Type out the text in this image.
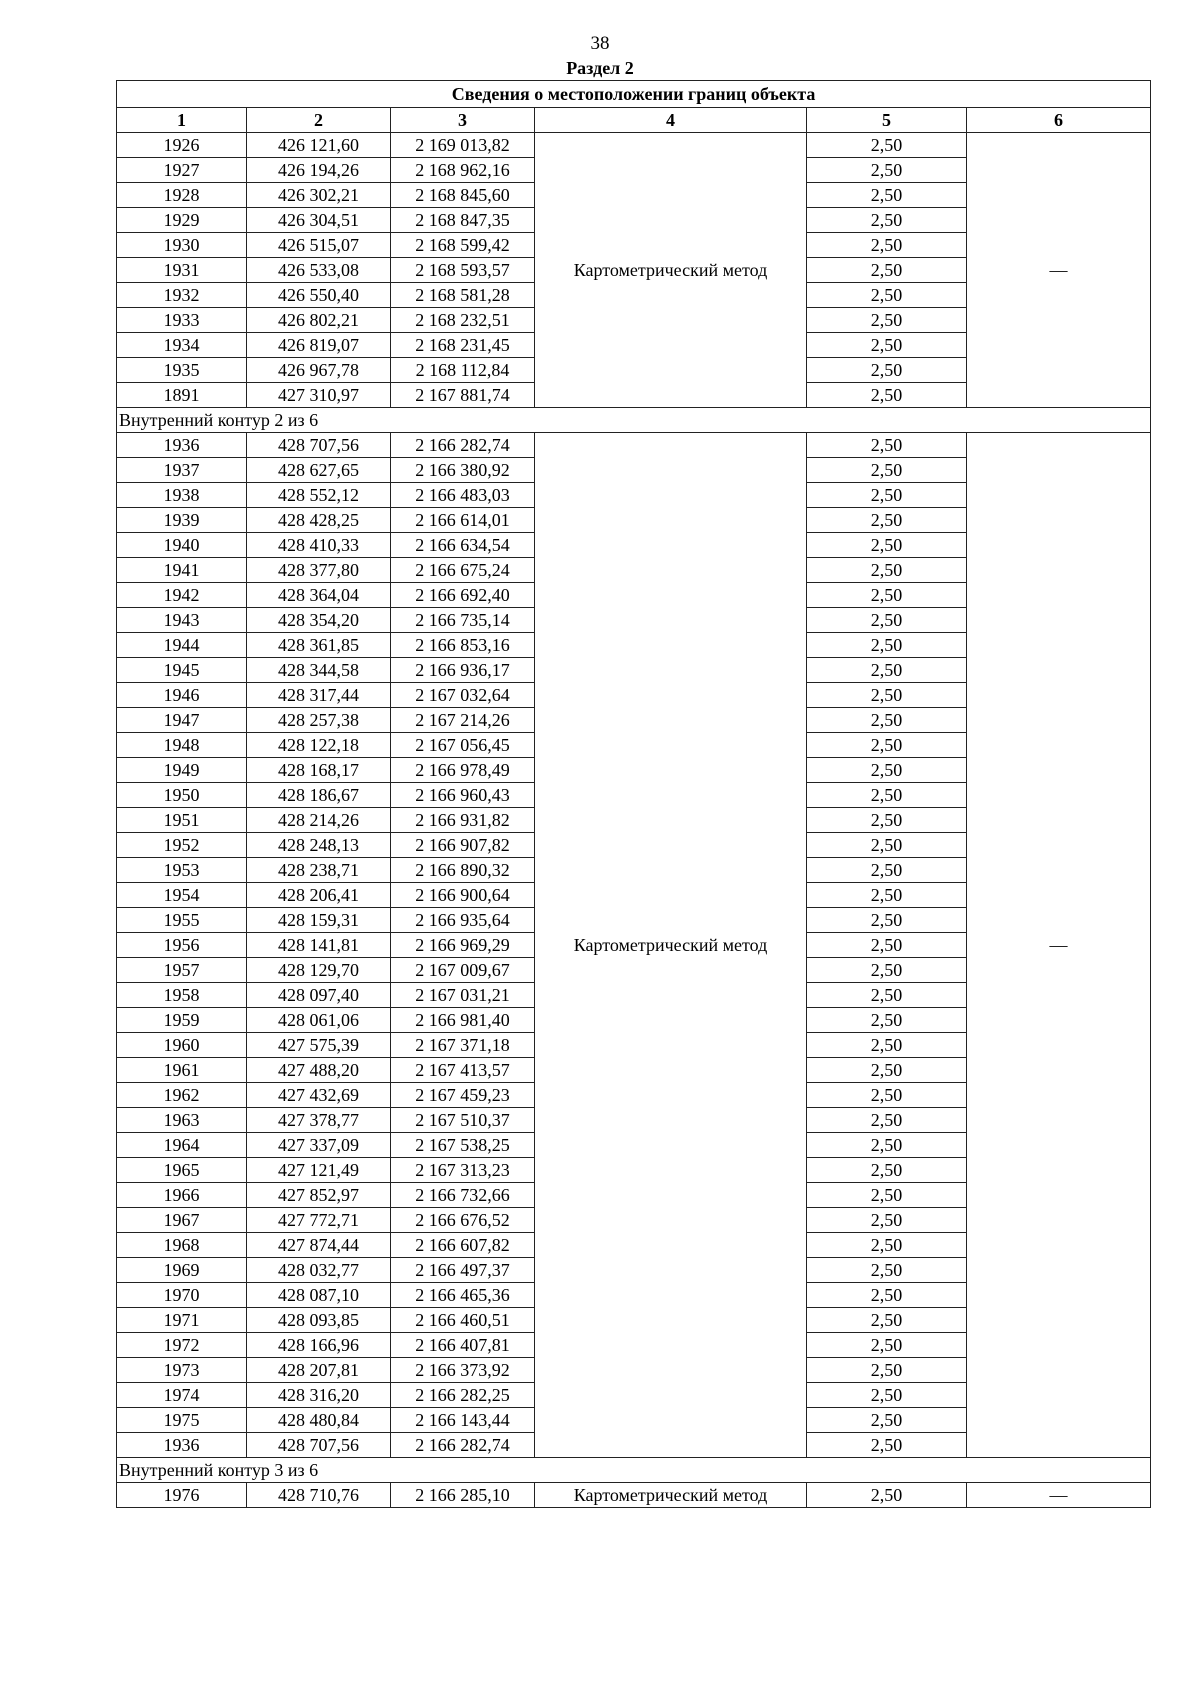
38
Раздел 2
Сведения о местоположении границ объекта					
1	2	3	4	5	6
1926	426 121,60	2 169 013,82	Картометрический метод	2,50	—
1927	426 194,26	2 168 962,16		2,50	
1928	426 302,21	2 168 845,60		2,50	
1929	426 304,51	2 168 847,35		2,50	
1930	426 515,07	2 168 599,42		2,50	
1931	426 533,08	2 168 593,57		2,50	
1932	426 550,40	2 168 581,28		2,50	
1933	426 802,21	2 168 232,51		2,50	
1934	426 819,07	2 168 231,45		2,50	
1935	426 967,78	2 168 112,84		2,50	
1891	427 310,97	2 167 881,74		2,50	
Внутренний контур 2 из 6					
1936	428 707,56	2 166 282,74	Картометрический метод	2,50	—
1937	428 627,65	2 166 380,92		2,50	
1938	428 552,12	2 166 483,03		2,50	
1939	428 428,25	2 166 614,01		2,50	
1940	428 410,33	2 166 634,54		2,50	
1941	428 377,80	2 166 675,24		2,50	
1942	428 364,04	2 166 692,40		2,50	
1943	428 354,20	2 166 735,14		2,50	
1944	428 361,85	2 166 853,16		2,50	
1945	428 344,58	2 166 936,17		2,50	
1946	428 317,44	2 167 032,64		2,50	
1947	428 257,38	2 167 214,26		2,50	
1948	428 122,18	2 167 056,45		2,50	
1949	428 168,17	2 166 978,49		2,50	
1950	428 186,67	2 166 960,43		2,50	
1951	428 214,26	2 166 931,82		2,50	
1952	428 248,13	2 166 907,82		2,50	
1953	428 238,71	2 166 890,32		2,50	
1954	428 206,41	2 166 900,64		2,50	
1955	428 159,31	2 166 935,64		2,50	
1956	428 141,81	2 166 969,29		2,50	
1957	428 129,70	2 167 009,67		2,50	
1958	428 097,40	2 167 031,21		2,50	
1959	428 061,06	2 166 981,40		2,50	
1960	427 575,39	2 167 371,18		2,50	
1961	427 488,20	2 167 413,57		2,50	
1962	427 432,69	2 167 459,23		2,50	
1963	427 378,77	2 167 510,37		2,50	
1964	427 337,09	2 167 538,25		2,50	
1965	427 121,49	2 167 313,23		2,50	
1966	427 852,97	2 166 732,66		2,50	
1967	427 772,71	2 166 676,52		2,50	
1968	427 874,44	2 166 607,82		2,50	
1969	428 032,77	2 166 497,37		2,50	
1970	428 087,10	2 166 465,36		2,50	
1971	428 093,85	2 166 460,51		2,50	
1972	428 166,96	2 166 407,81		2,50	
1973	428 207,81	2 166 373,92		2,50	
1974	428 316,20	2 166 282,25		2,50	
1975	428 480,84	2 166 143,44		2,50	
1936	428 707,56	2 166 282,74		2,50	
Внутренний контур 3 из 6					
1976	428 710,76	2 166 285,10	Картометрический метод	2,50	—
